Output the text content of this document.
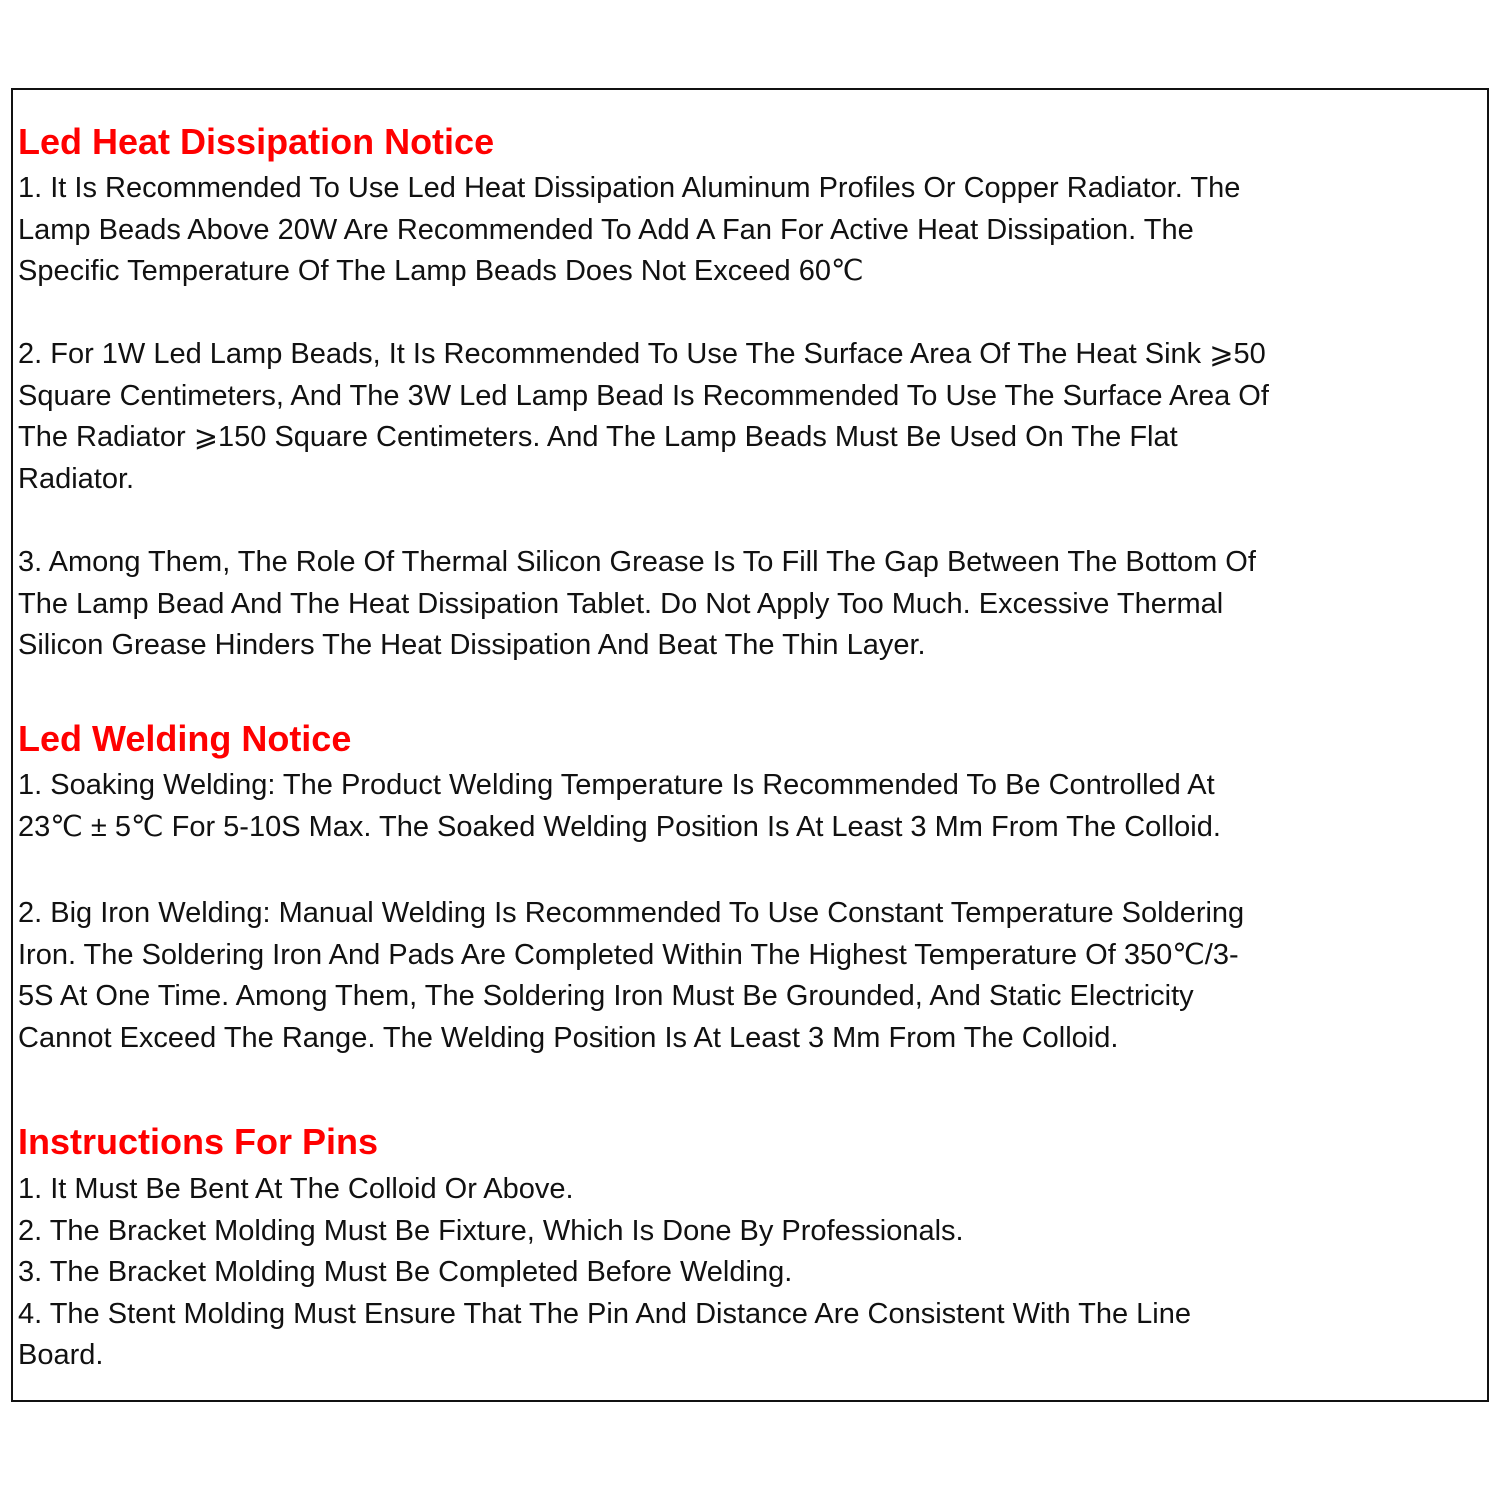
Led Heat Dissipation Notice
1. It Is Recommended To Use Led Heat Dissipation Aluminum Profiles Or Copper Radiator. The
Lamp Beads Above 20W Are Recommended To Add A Fan For Active Heat Dissipation. The
Specific Temperature Of The Lamp Beads Does Not Exceed 60℃
2. For 1W Led Lamp Beads, It Is Recommended To Use The Surface Area Of The Heat Sink ⩾50
Square Centimeters, And The 3W Led Lamp Bead Is Recommended To Use The Surface Area Of
The Radiator ⩾150 Square Centimeters. And The Lamp Beads Must Be Used On The Flat
Radiator.
3. Among Them, The Role Of Thermal Silicon Grease Is To Fill The Gap Between The Bottom Of
The Lamp Bead And The Heat Dissipation Tablet. Do Not Apply Too Much. Excessive Thermal
Silicon Grease Hinders The Heat Dissipation And Beat The Thin Layer.
Led Welding Notice
1. Soaking Welding: The Product Welding Temperature Is Recommended To Be Controlled At
23℃ ± 5℃ For 5-10S Max. The Soaked Welding Position Is At Least 3 Mm From The Colloid.
2. Big Iron Welding: Manual Welding Is Recommended To Use Constant Temperature Soldering
Iron. The Soldering Iron And Pads Are Completed Within The Highest Temperature Of 350℃/3-
5S At One Time. Among Them, The Soldering Iron Must Be Grounded, And Static Electricity
Cannot Exceed The Range. The Welding Position Is At Least 3 Mm From The Colloid.
Instructions For Pins
1. It Must Be Bent At The Colloid Or Above.
2. The Bracket Molding Must Be Fixture, Which Is Done By Professionals.
3. The Bracket Molding Must Be Completed Before Welding.
4. The Stent Molding Must Ensure That The Pin And Distance Are Consistent With The Line
Board.
